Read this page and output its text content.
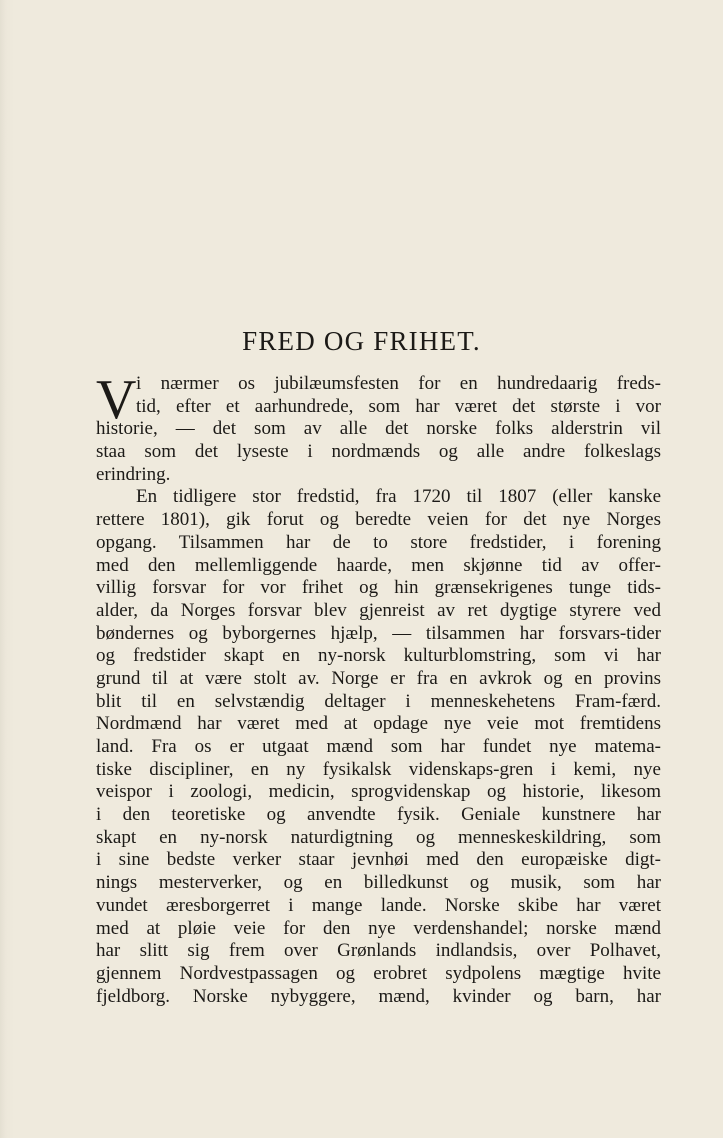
FRED OG FRIHET.
V i nærmer os jubilæumsfesten for en hundredaarig freds-
tid, efter et aarhundrede, som har været det største i vor
historie, — det som av alle det norske folks alderstrin vil
staa som det lyseste i nordmænds og alle andre folkeslags
erindring.
En tidligere stor fredstid, fra 1720 til 1807 (eller kanske
rettere 1801), gik forut og beredte veien for det nye Norges
opgang. Tilsammen har de to store fredstider, i forening
med den mellemliggende haarde, men skjønne tid av offer-
villig forsvar for vor frihet og hin grænsekrigenes tunge tids-
alder, da Norges forsvar blev gjenreist av ret dygtige styrere ved
bøndernes og byborgernes hjælp, — tilsammen har forsvars-tider
og fredstider skapt en ny-norsk kulturblomstring, som vi har
grund til at være stolt av. Norge er fra en avkrok og en provins
blit til en selvstændig deltager i menneskehetens Fram-færd.
Nordmænd har været med at opdage nye veie mot fremtidens
land. Fra os er utgaat mænd som har fundet nye matema-
tiske discipliner, en ny fysikalsk videnskaps-gren i kemi, nye
veispor i zoologi, medicin, sprogvidenskap og historie, likesom
i den teoretiske og anvendte fysik. Geniale kunstnere har
skapt en ny-norsk naturdigtning og menneskeskildring, som
i sine bedste verker staar jevnhøi med den europæiske digt-
nings mesterverker, og en billedkunst og musik, som har
vundet æresborgerret i mange lande. Norske skibe har været
med at pløie veie for den nye verdenshandel; norske mænd
har slitt sig frem over Grønlands indlandsis, over Polhavet,
gjennem Nordvestpassagen og erobret sydpolens mægtige hvite
fjeldborg. Norske nybyggere, mænd, kvinder og barn, har
